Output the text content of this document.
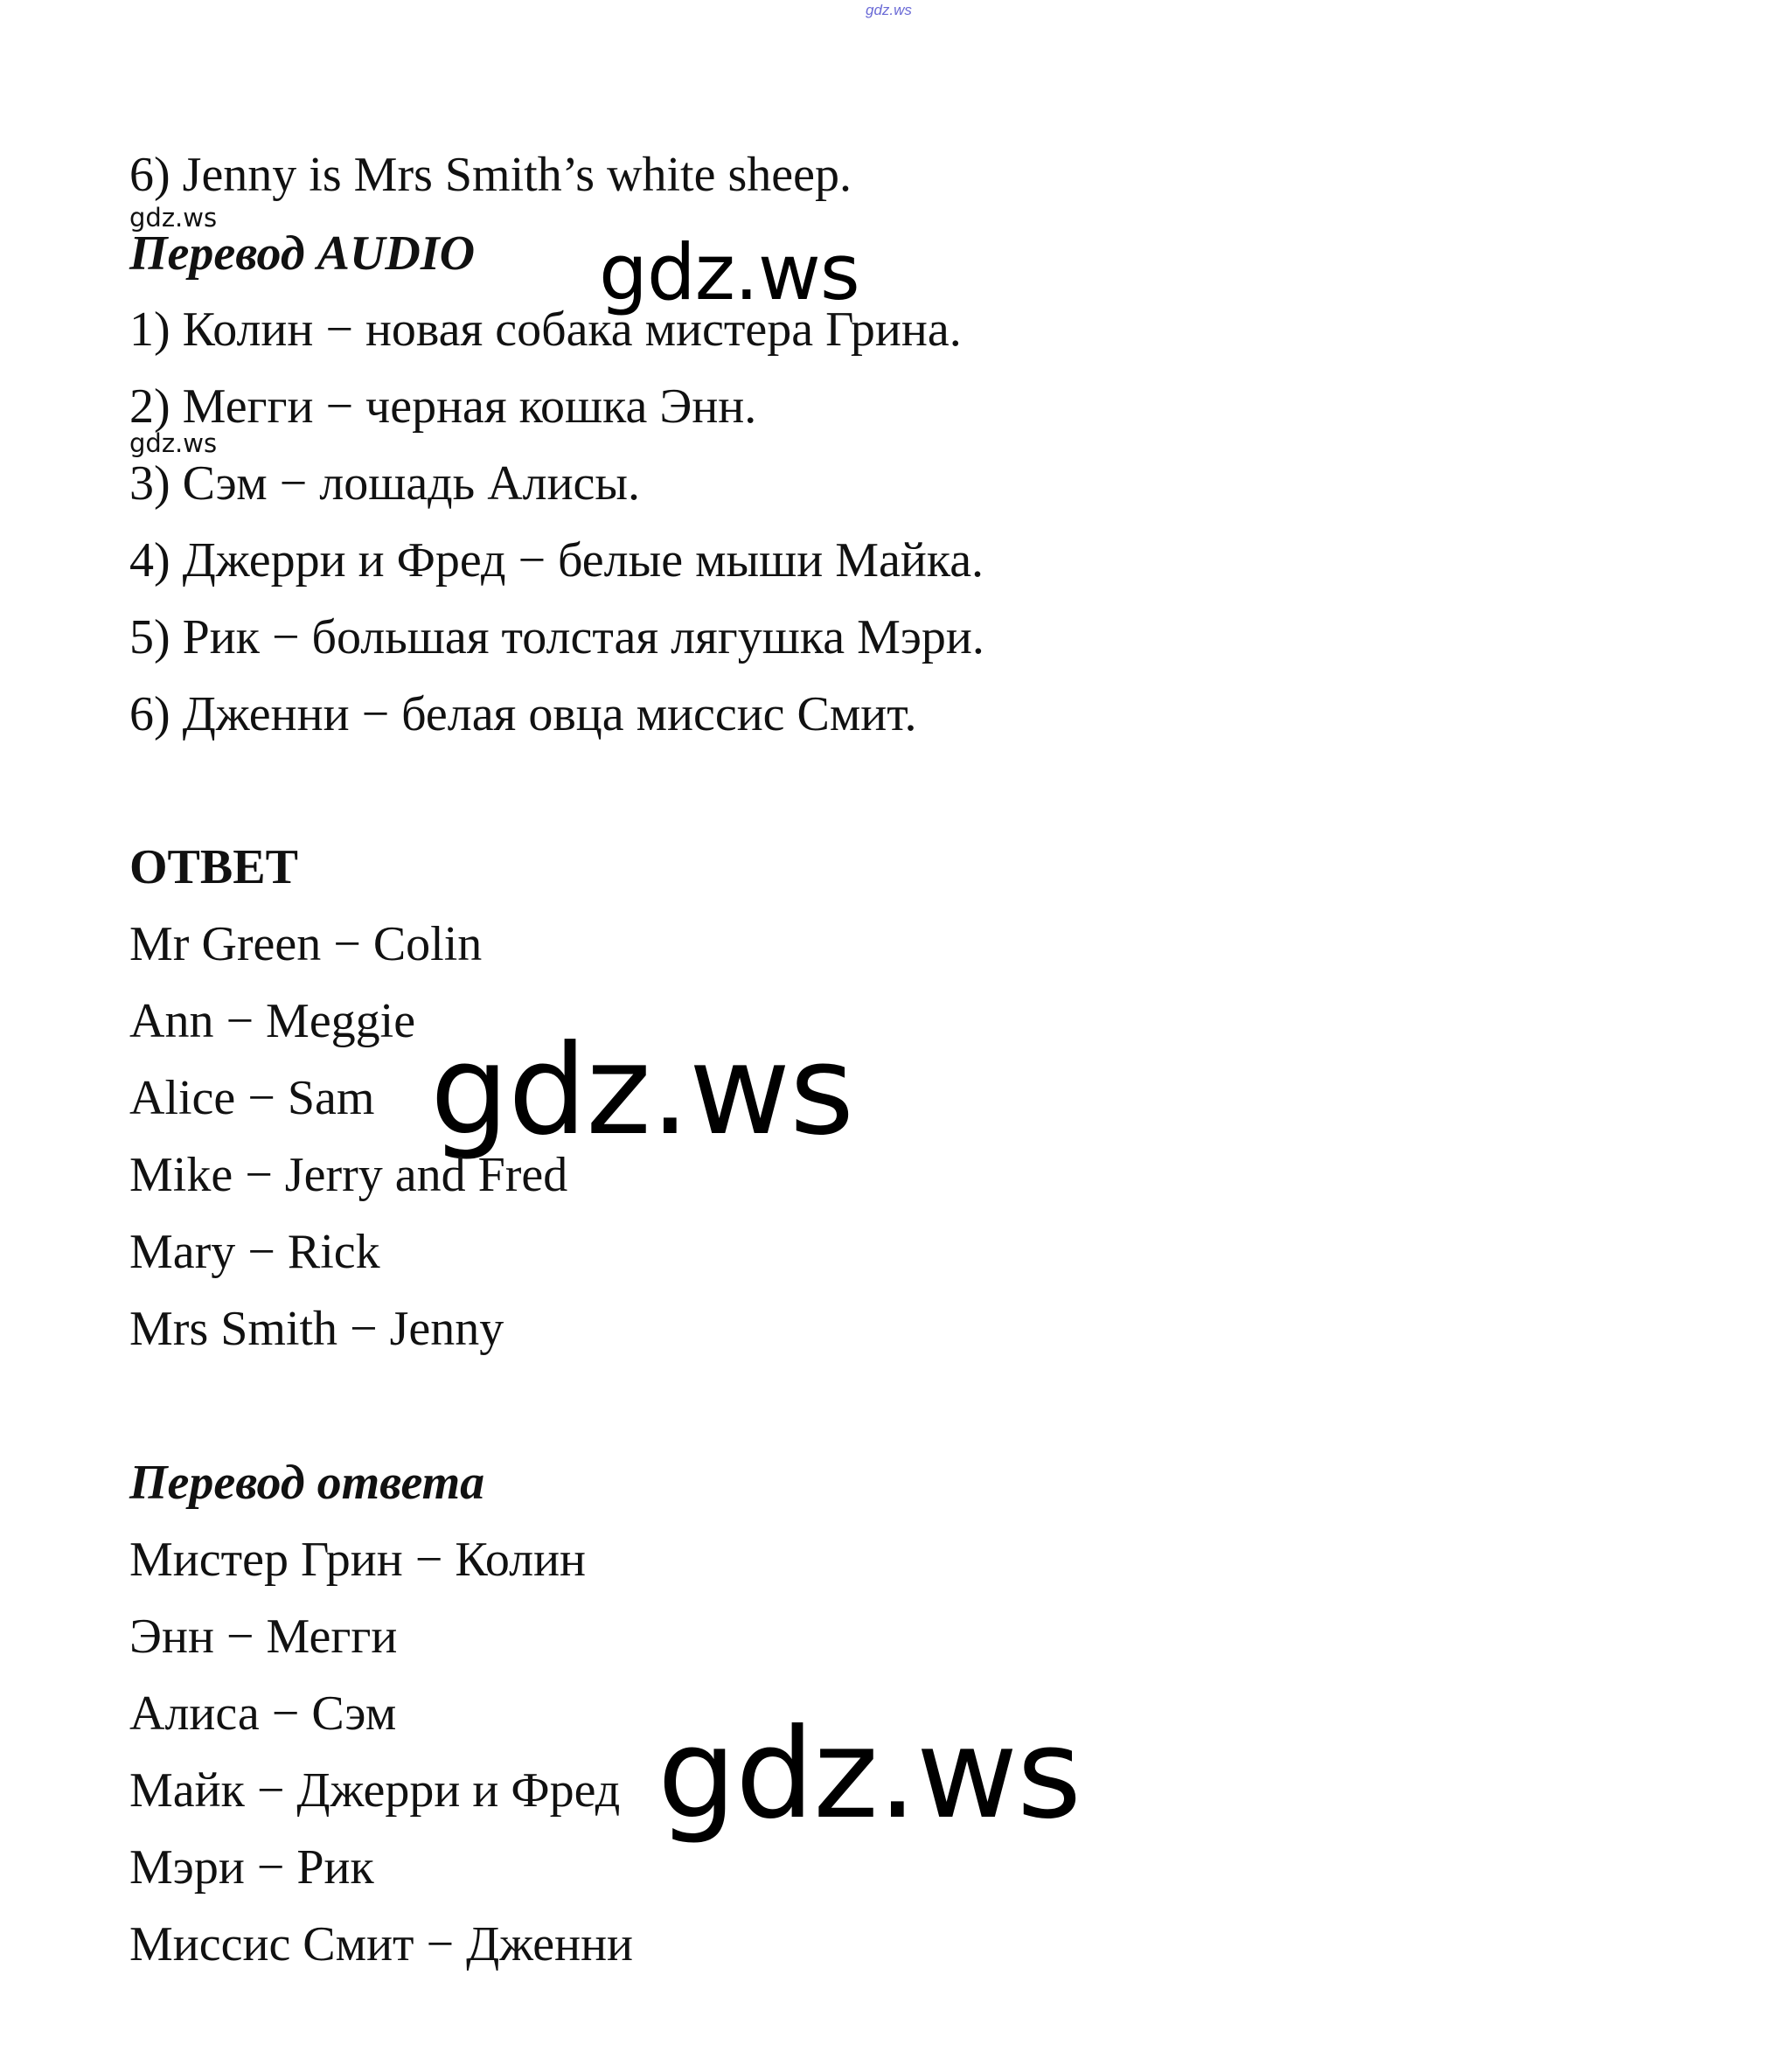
gdz.ws

6) Jenny is Mrs Smith’s white sheep.

gdz.ws

Перевод AUDIO gdz.ws

1) Колин − новая собака мистера Грина.

2) Мегги − черная кошка Энн.

gdz.ws

3) Сэм − лошадь Алисы.

4) Джерри и Фред − белые мыши Майка.

5) Рик − большая толстая лягушка Мэри.

6) Дженни − белая овца миссис Смит.

ОТВЕТ

Mr Green − Colin

Ann − Meggie

Alice − Sam gdz.ws

Mike − Jerry and Fred

Mary − Rick

Mrs Smith − Jenny

Перевод ответа

Мистер Грин − Колин

Энн − Мегги

Алиса − Сэм

Майк − Джерри и Фред gdz.ws

Мэри − Рик

Миссис Смит − Дженни
